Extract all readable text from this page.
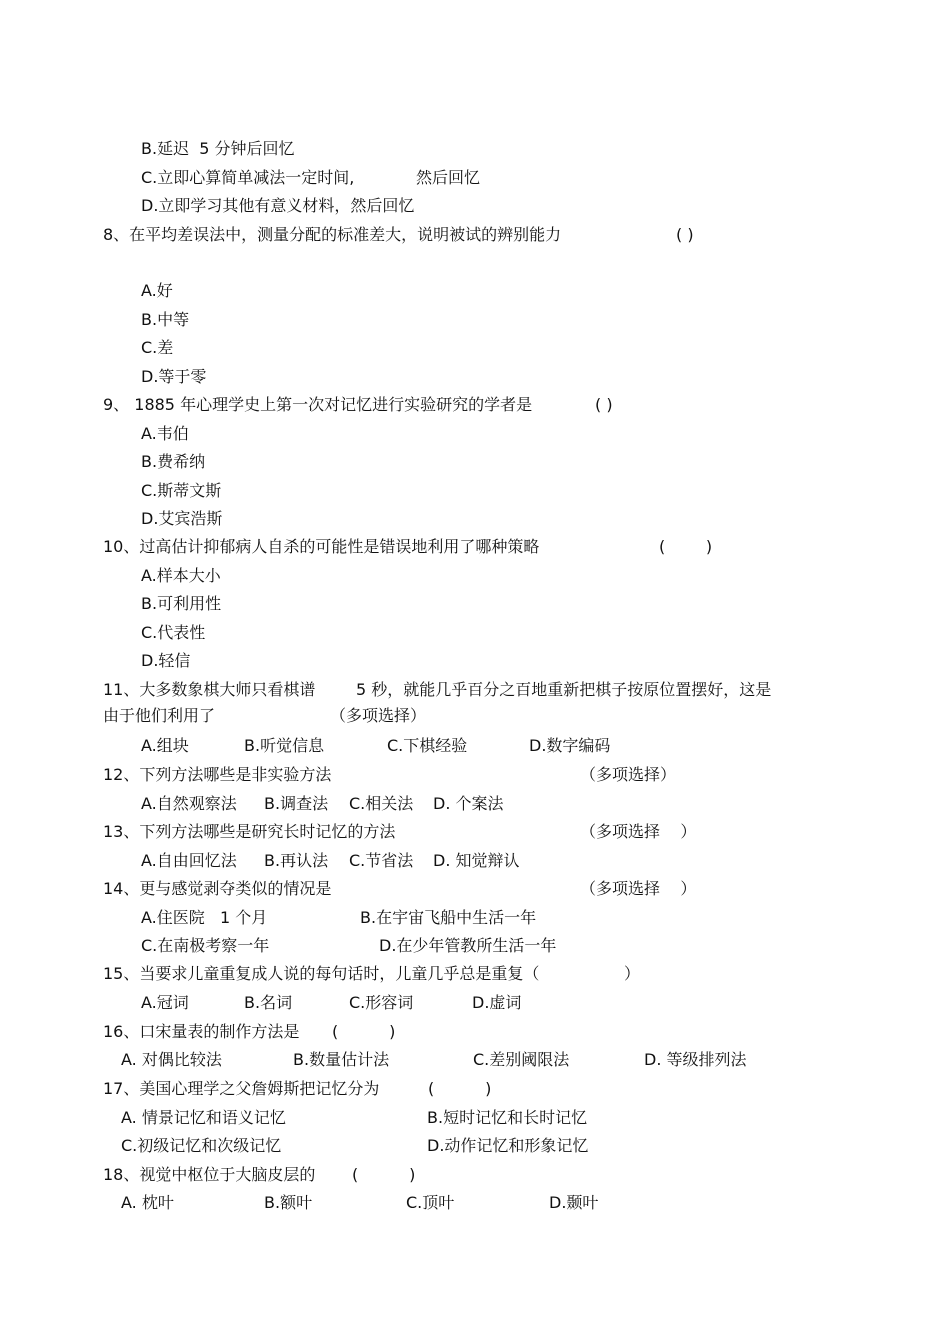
B.延迟  5 分钟后回忆
C.立即心算简单减法一定时间,	然后回忆
D.立即学习其他有意义材料，然后回忆
8、在平均差误法中，测量分配的标准差大，说明被试的辨别能力	( )
A.好
B.中等
C.差
D.等于零
9、 1885 年心理学史上第一次对记忆进行实验研究的学者是	( )
A.韦伯
B.费希纳
C.斯蒂文斯
D.艾宾浩斯
10、过高估计抑郁病人自杀的可能性是错误地利用了哪种策略	(        )
A.样本大小
B.可利用性
C.代表性
D.轻信
11、大多数象棋大师只看棋谱	5 秒，就能几乎百分之百地重新把棋子按原位置摆好，这是
由于他们利用了	（多项选择）
A.组块	B.听觉信息	C.下棋经验	D.数字编码
12、下列方法哪些是非实验方法	（多项选择）
A.自然观察法 B.调查法 C.相关法 D. 个案法
13、下列方法哪些是研究长时记忆的方法	（多项选择    ）
A.自由回忆法 B.再认法 C.节省法 D. 知觉辩认
14、更与感觉剥夺类似的情况是	（多项选择    ）
A.住医院   1 个月	B.在宇宙飞船中生活一年
C.在南极考察一年	D.在少年管教所生活一年
15、当要求儿童重复成人说的每句话时，儿童几乎总是重复（	）
A.冠词	B.名词	C.形容词	D.虚词
16、口宋量表的制作方法是 (          )
A. 对偶比较法	B.数量估计法	C.差别阈限法	D. 等级排列法
17、美国心理学之父詹姆斯把记忆分为	(          )
A. 情景记忆和语义记忆	B.短时记忆和长时记忆
C.初级记忆和次级记忆	D.动作记忆和形象记忆
18、视觉中枢位于大脑皮层的 (          )
A. 枕叶	B.额叶	C.顶叶	D.颞叶
